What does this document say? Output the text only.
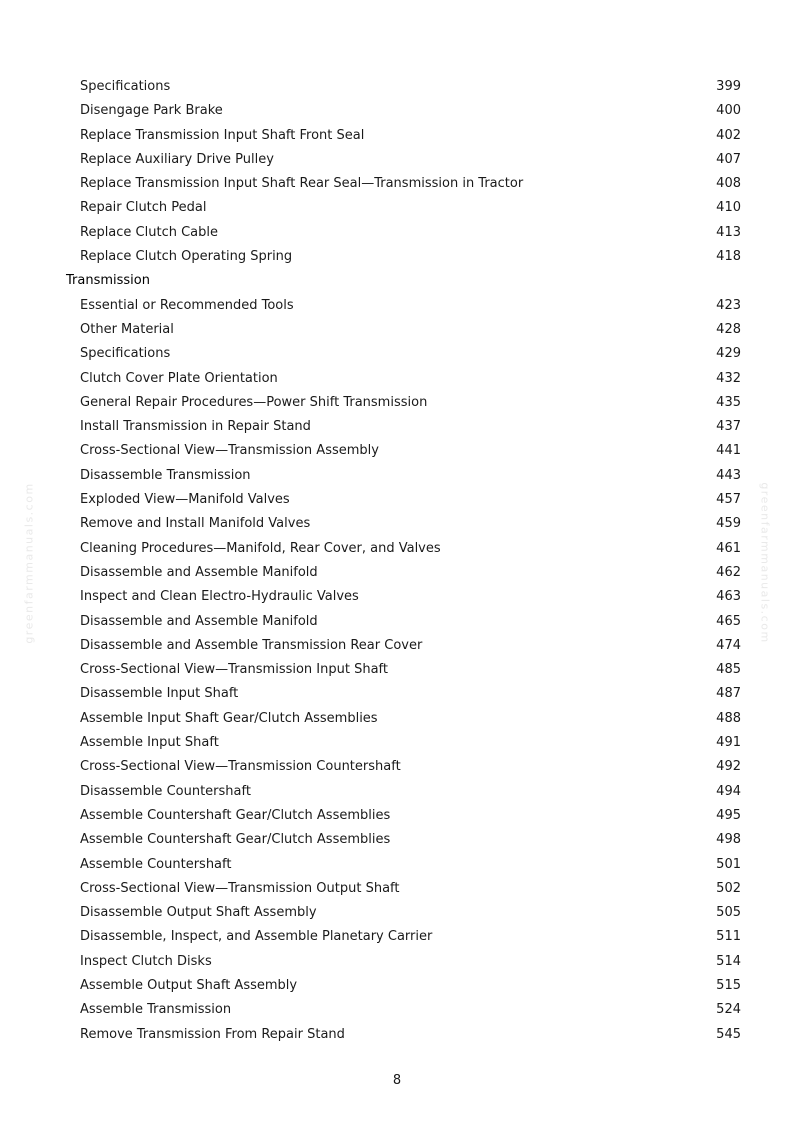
greenfarmmanuals.com	greenfarmmanuals.com
Specifications	399
Disengage Park Brake	400
Replace Transmission Input Shaft Front Seal	402
Replace Auxiliary Drive Pulley	407
Replace Transmission Input Shaft Rear Seal—Transmission in Tractor	408
Repair Clutch Pedal	410
Replace Clutch Cable	413
Replace Clutch Operating Spring	418
Transmission
Essential or Recommended Tools	423
Other Material	428
Specifications	429
Clutch Cover Plate Orientation	432
General Repair Procedures—Power Shift Transmission	435
Install Transmission in Repair Stand	437
Cross-Sectional View—Transmission Assembly	441
Disassemble Transmission	443
Exploded View—Manifold Valves	457
Remove and Install Manifold Valves	459
Cleaning Procedures—Manifold, Rear Cover, and Valves	461
Disassemble and Assemble Manifold	462
Inspect and Clean Electro-Hydraulic Valves	463
Disassemble and Assemble Manifold	465
Disassemble and Assemble Transmission Rear Cover	474
Cross-Sectional View—Transmission Input Shaft	485
Disassemble Input Shaft	487
Assemble Input Shaft Gear/Clutch Assemblies	488
Assemble Input Shaft	491
Cross-Sectional View—Transmission Countershaft	492
Disassemble Countershaft	494
Assemble Countershaft Gear/Clutch Assemblies	495
Assemble Countershaft Gear/Clutch Assemblies	498
Assemble Countershaft	501
Cross-Sectional View—Transmission Output Shaft	502
Disassemble Output Shaft Assembly	505
Disassemble, Inspect, and Assemble Planetary Carrier	511
Inspect Clutch Disks	514
Assemble Output Shaft Assembly	515
Assemble Transmission	524
Remove Transmission From Repair Stand	545
8
